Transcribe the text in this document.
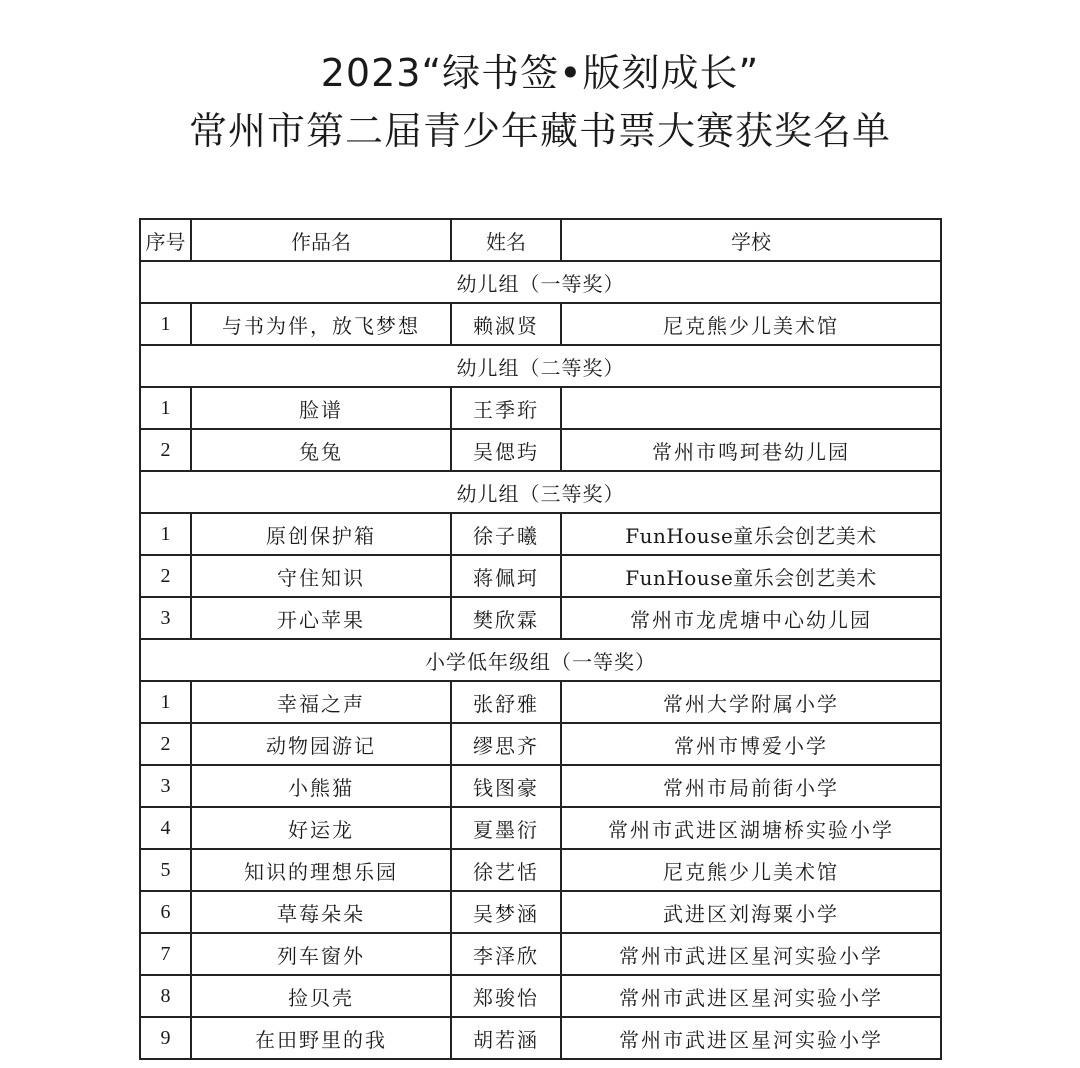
2023“绿书签•版刻成长”
常州市第二届青少年藏书票大赛获奖名单
序号	作品名	姓名	学校
幼儿组（一等奖）			
1	与书为伴，放飞梦想	赖淑贤	尼克熊少儿美术馆
幼儿组（二等奖）			
1	脸谱	王季珩	
2	兔兔	吴偲玙	常州市鸣珂巷幼儿园
幼儿组（三等奖）			
1	原创保护箱	徐子曦	FunHouse童乐会创艺美术
2	守住知识	蒋佩珂	FunHouse童乐会创艺美术
3	开心苹果	樊欣霖	常州市龙虎塘中心幼儿园
小学低年级组（一等奖）			
1	幸福之声	张舒雅	常州大学附属小学
2	动物园游记	缪思齐	常州市博爱小学
3	小熊猫	钱图豪	常州市局前街小学
4	好运龙	夏墨衍	常州市武进区湖塘桥实验小学
5	知识的理想乐园	徐艺恬	尼克熊少儿美术馆
6	草莓朵朵	吴梦涵	武进区刘海粟小学
7	列车窗外	李泽欣	常州市武进区星河实验小学
8	捡贝壳	郑骏怡	常州市武进区星河实验小学
9	在田野里的我	胡若涵	常州市武进区星河实验小学
